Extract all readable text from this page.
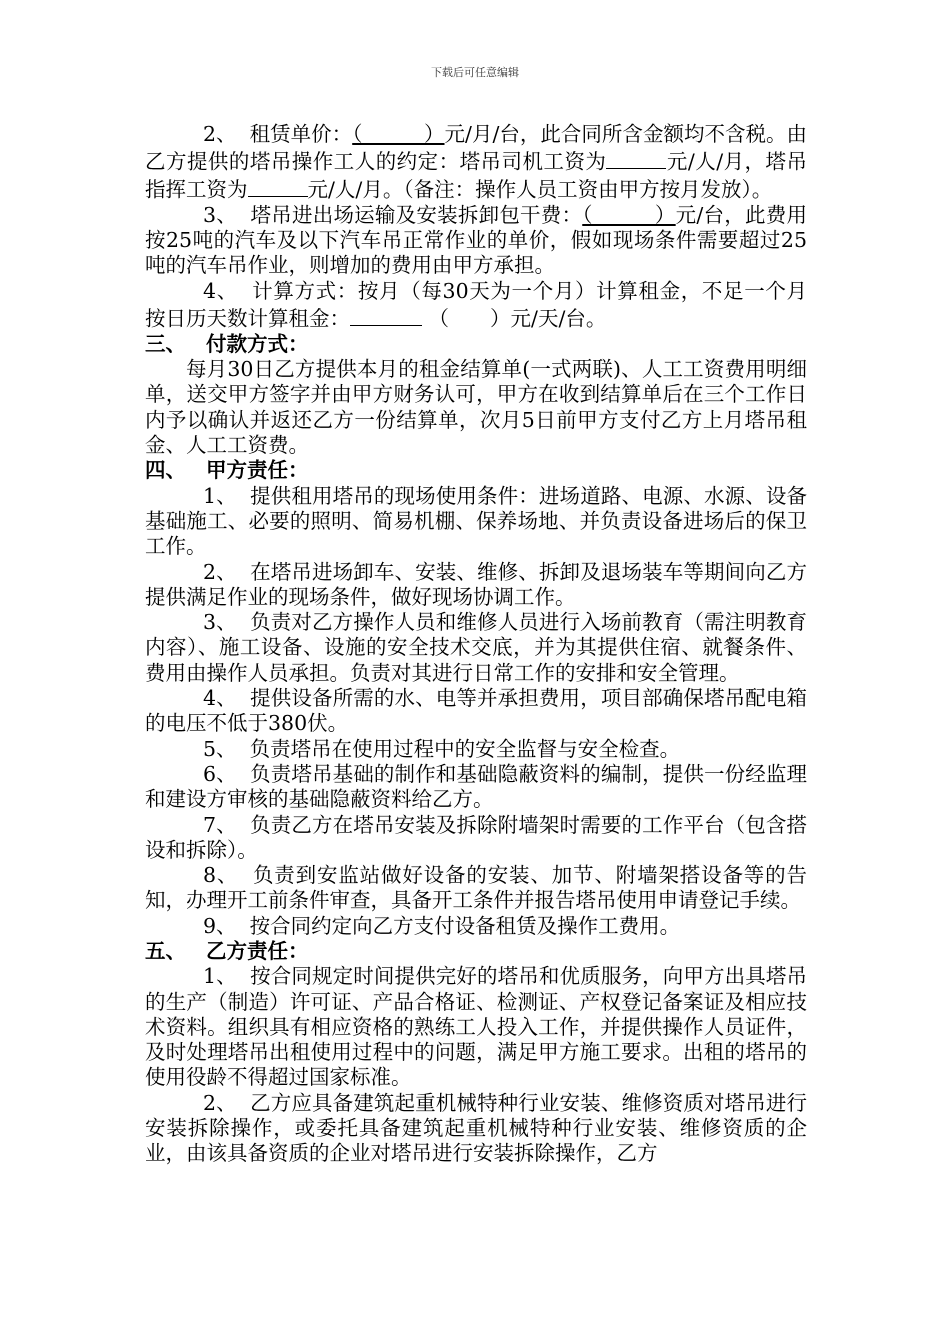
下载后可任意编辑

2、 租赁单价：（　　　）元/月/台，此合同所含金额均不含税。由乙方提供的塔吊操作工人的约定：塔吊司机工资为	元/人/月，塔吊指挥工资为	元/人/月。（备注：操作人员工资由甲方按月发放）。

3、 塔吊进出场运输及安装拆卸包干费：（　　　）元/台，此费用按25吨的汽车及以下汽车吊正常作业的单价，假如现场条件需要超过25吨的汽车吊作业，则增加的费用由甲方承担。

4、 计算方式：按月（每30天为一个月）计算租金，不足一个月按日历天数计算租金：	（　　）元/天/台。

三、 付款方式：

每月30日乙方提供本月的租金结算单(一式两联)、人工工资费用明细单，送交甲方签字并由甲方财务认可，甲方在收到结算单后在三个工作日内予以确认并返还乙方一份结算单，次月5日前甲方支付乙方上月塔吊租金、人工工资费。

四、 甲方责任：

1、 提供租用塔吊的现场使用条件：进场道路、电源、水源、设备基础施工、必要的照明、简易机棚、保养场地、并负责设备进场后的保卫工作。

2、 在塔吊进场卸车、安装、维修、拆卸及退场装车等期间向乙方提供满足作业的现场条件，做好现场协调工作。

3、 负责对乙方操作人员和维修人员进行入场前教育（需注明教育内容）、施工设备、设施的安全技术交底，并为其提供住宿、就餐条件、费用由操作人员承担。负责对其进行日常工作的安排和安全管理。

4、 提供设备所需的水、电等并承担费用，项目部确保塔吊配电箱的电压不低于380伏。

5、 负责塔吊在使用过程中的安全监督与安全检查。

6、 负责塔吊基础的制作和基础隐蔽资料的编制，提供一份经监理和建设方审核的基础隐蔽资料给乙方。

7、 负责乙方在塔吊安装及拆除附墙架时需要的工作平台（包含搭设和拆除）。

8、 负责到安监站做好设备的安装、加节、附墙架搭设备等的告知，办理开工前条件审查，具备开工条件并报告塔吊使用申请登记手续。

9、 按合同约定向乙方支付设备租赁及操作工费用。

五、 乙方责任：

1、 按合同规定时间提供完好的塔吊和优质服务，向甲方出具塔吊的生产（制造）许可证、产品合格证、检测证、产权登记备案证及相应技术资料。组织具有相应资格的熟练工人投入工作，并提供操作人员证件，及时处理塔吊出租使用过程中的问题，满足甲方施工要求。出租的塔吊的使用役龄不得超过国家标准。

2、 乙方应具备建筑起重机械特种行业安装、维修资质对塔吊进行安装拆除操作，或委托具备建筑起重机械特种行业安装、维修资质的企业，由该具备资质的企业对塔吊进行安装拆除操作，乙方
